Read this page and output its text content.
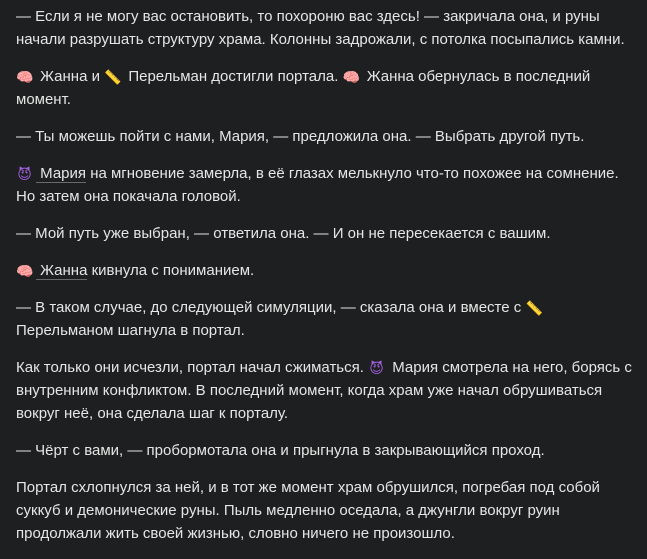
— Если я не могу вас остановить, то похороню вас здесь! — закричала она, и руны начали разрушать структуру храма. Колонны задрожали, с потолка посыпались камни.

🧠 Жанна и 📏 Перельман достигли портала. 🧠 Жанна обернулась в последний момент.

— Ты можешь пойти с нами, Мария, — предложила она. — Выбрать другой путь.

😈 Мария на мгновение замерла, в её глазах мелькнуло что-то похожее на сомнение. Но затем она покачала головой.

— Мой путь уже выбран, — ответила она. — И он не пересекается с вашим.

🧠 Жанна кивнула с пониманием.

— В таком случае, до следующей симуляции, — сказала она и вместе с 📏 Перельманом шагнула в портал.

Как только они исчезли, портал начал сжиматься. 😈 Мария смотрела на него, борясь с внутренним конфликтом. В последний момент, когда храм уже начал обрушиваться вокруг неё, она сделала шаг к порталу.

— Чёрт с вами, — пробормотала она и прыгнула в закрывающийся проход.

Портал схлопнулся за ней, и в тот же момент храм обрушился, погребая под собой суккуб и демонические руны. Пыль медленно оседала, а джунгли вокруг руин продолжали жить своей жизнью, словно ничего не произошло.
